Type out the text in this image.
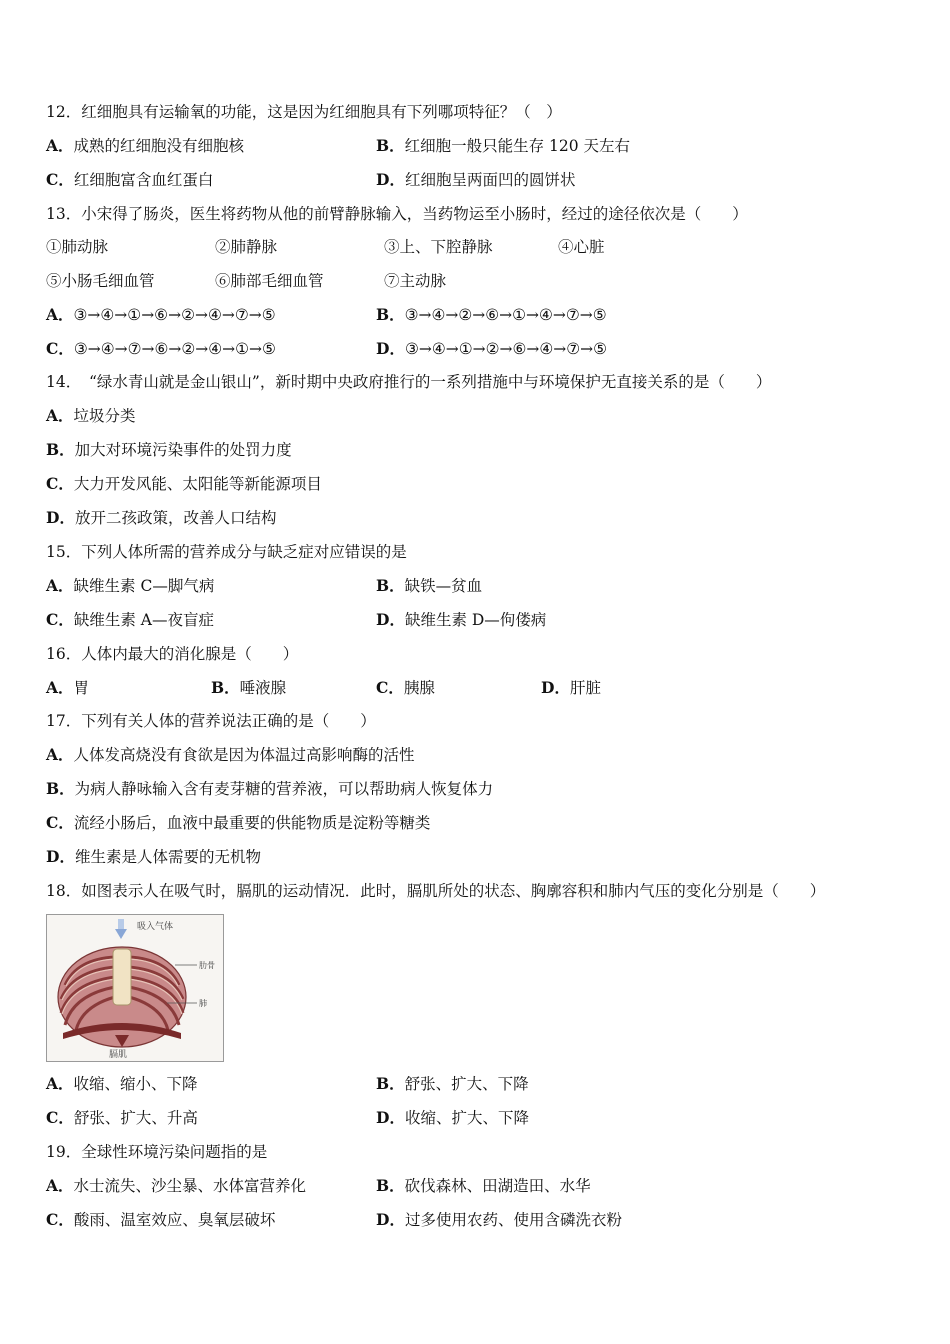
12．红细胞具有运输氧的功能，这是因为红细胞具有下列哪项特征？（　）
A．成熟的红细胞没有细胞核	B．红细胞一般只能生存 120 天左右
C．红细胞富含血红蛋白	D．红细胞呈两面凹的圆饼状
13．小宋得了肠炎，医生将药物从他的前臂静脉输入，当药物运至小肠时，经过的途径依次是（　　）
①肺动脉	②肺静脉	③上、下腔静脉	④心脏
⑤小肠毛细血管	⑥肺部毛细血管	⑦主动脉
A．③→④→①→⑥→②→④→⑦→⑤	B．③→④→②→⑥→①→④→⑦→⑤
C．③→④→⑦→⑥→②→④→①→⑤	D．③→④→①→②→⑥→④→⑦→⑤
14．　“绿水青山就是金山银山”，新时期中央政府推行的一系列措施中与环境保护无直接关系的是（　　）
A．垃圾分类
B．加大对环境污染事件的处罚力度
C．大力开发风能、太阳能等新能源项目
D．放开二孩政策，改善人口结构
15．下列人体所需的营养成分与缺乏症对应错误的是
A．缺维生素 C—脚气病	B．缺铁—贫血
C．缺维生素 A—夜盲症	D．缺维生素 D—佝偻病
16．人体内最大的消化腺是（　　）
A．胃	B．唾液腺	C．胰腺	D．肝脏
17．下列有关人体的营养说法正确的是（　　）
A．人体发高烧没有食欲是因为体温过高影响酶的活性
B．为病人静咏输入含有麦芽糖的营养液，可以帮助病人恢复体力
C．流经小肠后，血液中最重要的供能物质是淀粉等糖类
D．维生素是人体需要的无机物
18．如图表示人在吸气时，膈肌的运动情况．此时，膈肌所处的状态、胸廓容积和肺内气压的变化分别是（　　）
吸入气体
肋骨
肺
膈肌
A．收缩、缩小、下降	B．舒张、扩大、下降
C．舒张、扩大、升高	D．收缩、扩大、下降
19．全球性环境污染问题指的是
A．水士流失、沙尘暴、水体富营养化	B．砍伐森林、田湖造田、水华
C．酸雨、温室效应、臭氧层破坏	D．过多使用农药、使用含磷洗衣粉
